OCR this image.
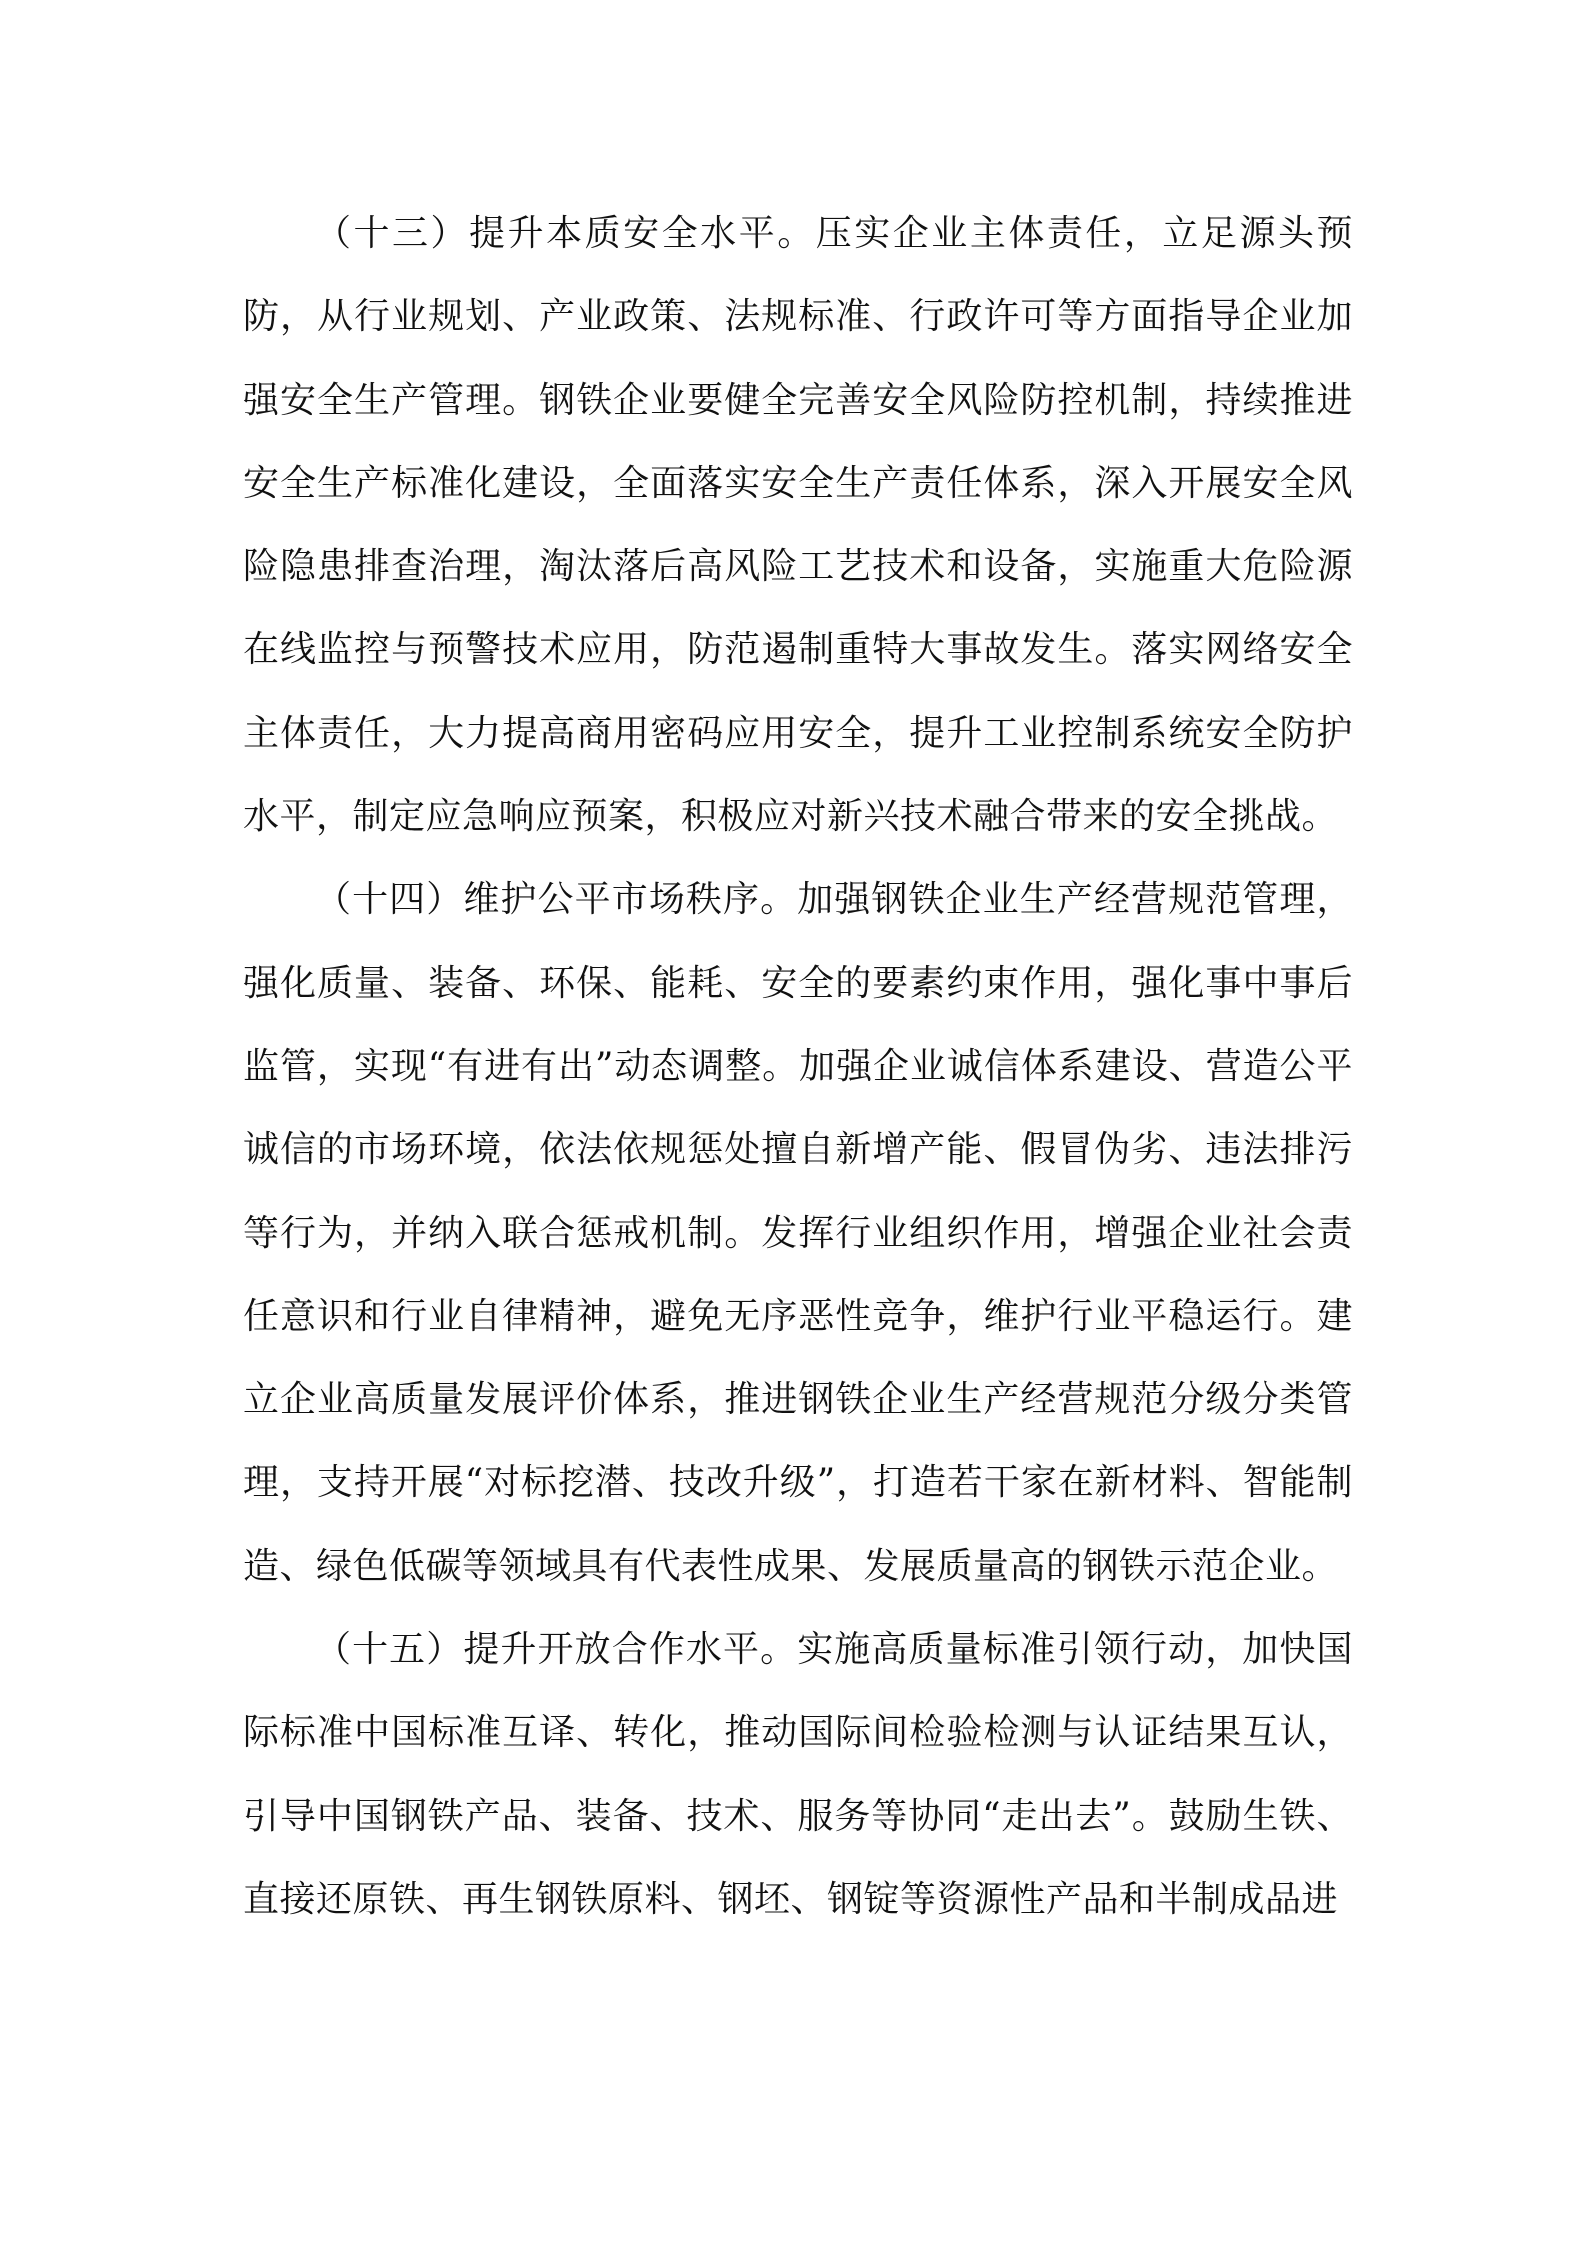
（十三）提升本质安全水平。压实企业主体责任，立足源头预防，从行业规划、产业政策、法规标准、行政许可等方面指导企业加强安全生产管理。钢铁企业要健全完善安全风险防控机制，持续推进安全生产标准化建设，全面落实安全生产责任体系，深入开展安全风险隐患排查治理，淘汰落后高风险工艺技术和设备，实施重大危险源在线监控与预警技术应用，防范遏制重特大事故发生。落实网络安全主体责任，大力提高商用密码应用安全，提升工业控制系统安全防护水平，制定应急响应预案，积极应对新兴技术融合带来的安全挑战。

（十四）维护公平市场秩序。加强钢铁企业生产经营规范管理，强化质量、装备、环保、能耗、安全的要素约束作用，强化事中事后监管，实现“有进有出”动态调整。加强企业诚信体系建设、营造公平诚信的市场环境，依法依规惩处擅自新增产能、假冒伪劣、违法排污等行为，并纳入联合惩戒机制。发挥行业组织作用，增强企业社会责任意识和行业自律精神，避免无序恶性竞争，维护行业平稳运行。建立企业高质量发展评价体系，推进钢铁企业生产经营规范分级分类管理，支持开展“对标挖潜、技改升级”，打造若干家在新材料、智能制造、绿色低碳等领域具有代表性成果、发展质量高的钢铁示范企业。

（十五）提升开放合作水平。实施高质量标准引领行动，加快国际标准中国标准互译、转化，推动国际间检验检测与认证结果互认，引导中国钢铁产品、装备、技术、服务等协同“走出去”。鼓励生铁、直接还原铁、再生钢铁原料、钢坯、钢锭等资源性产品和半制成品进
